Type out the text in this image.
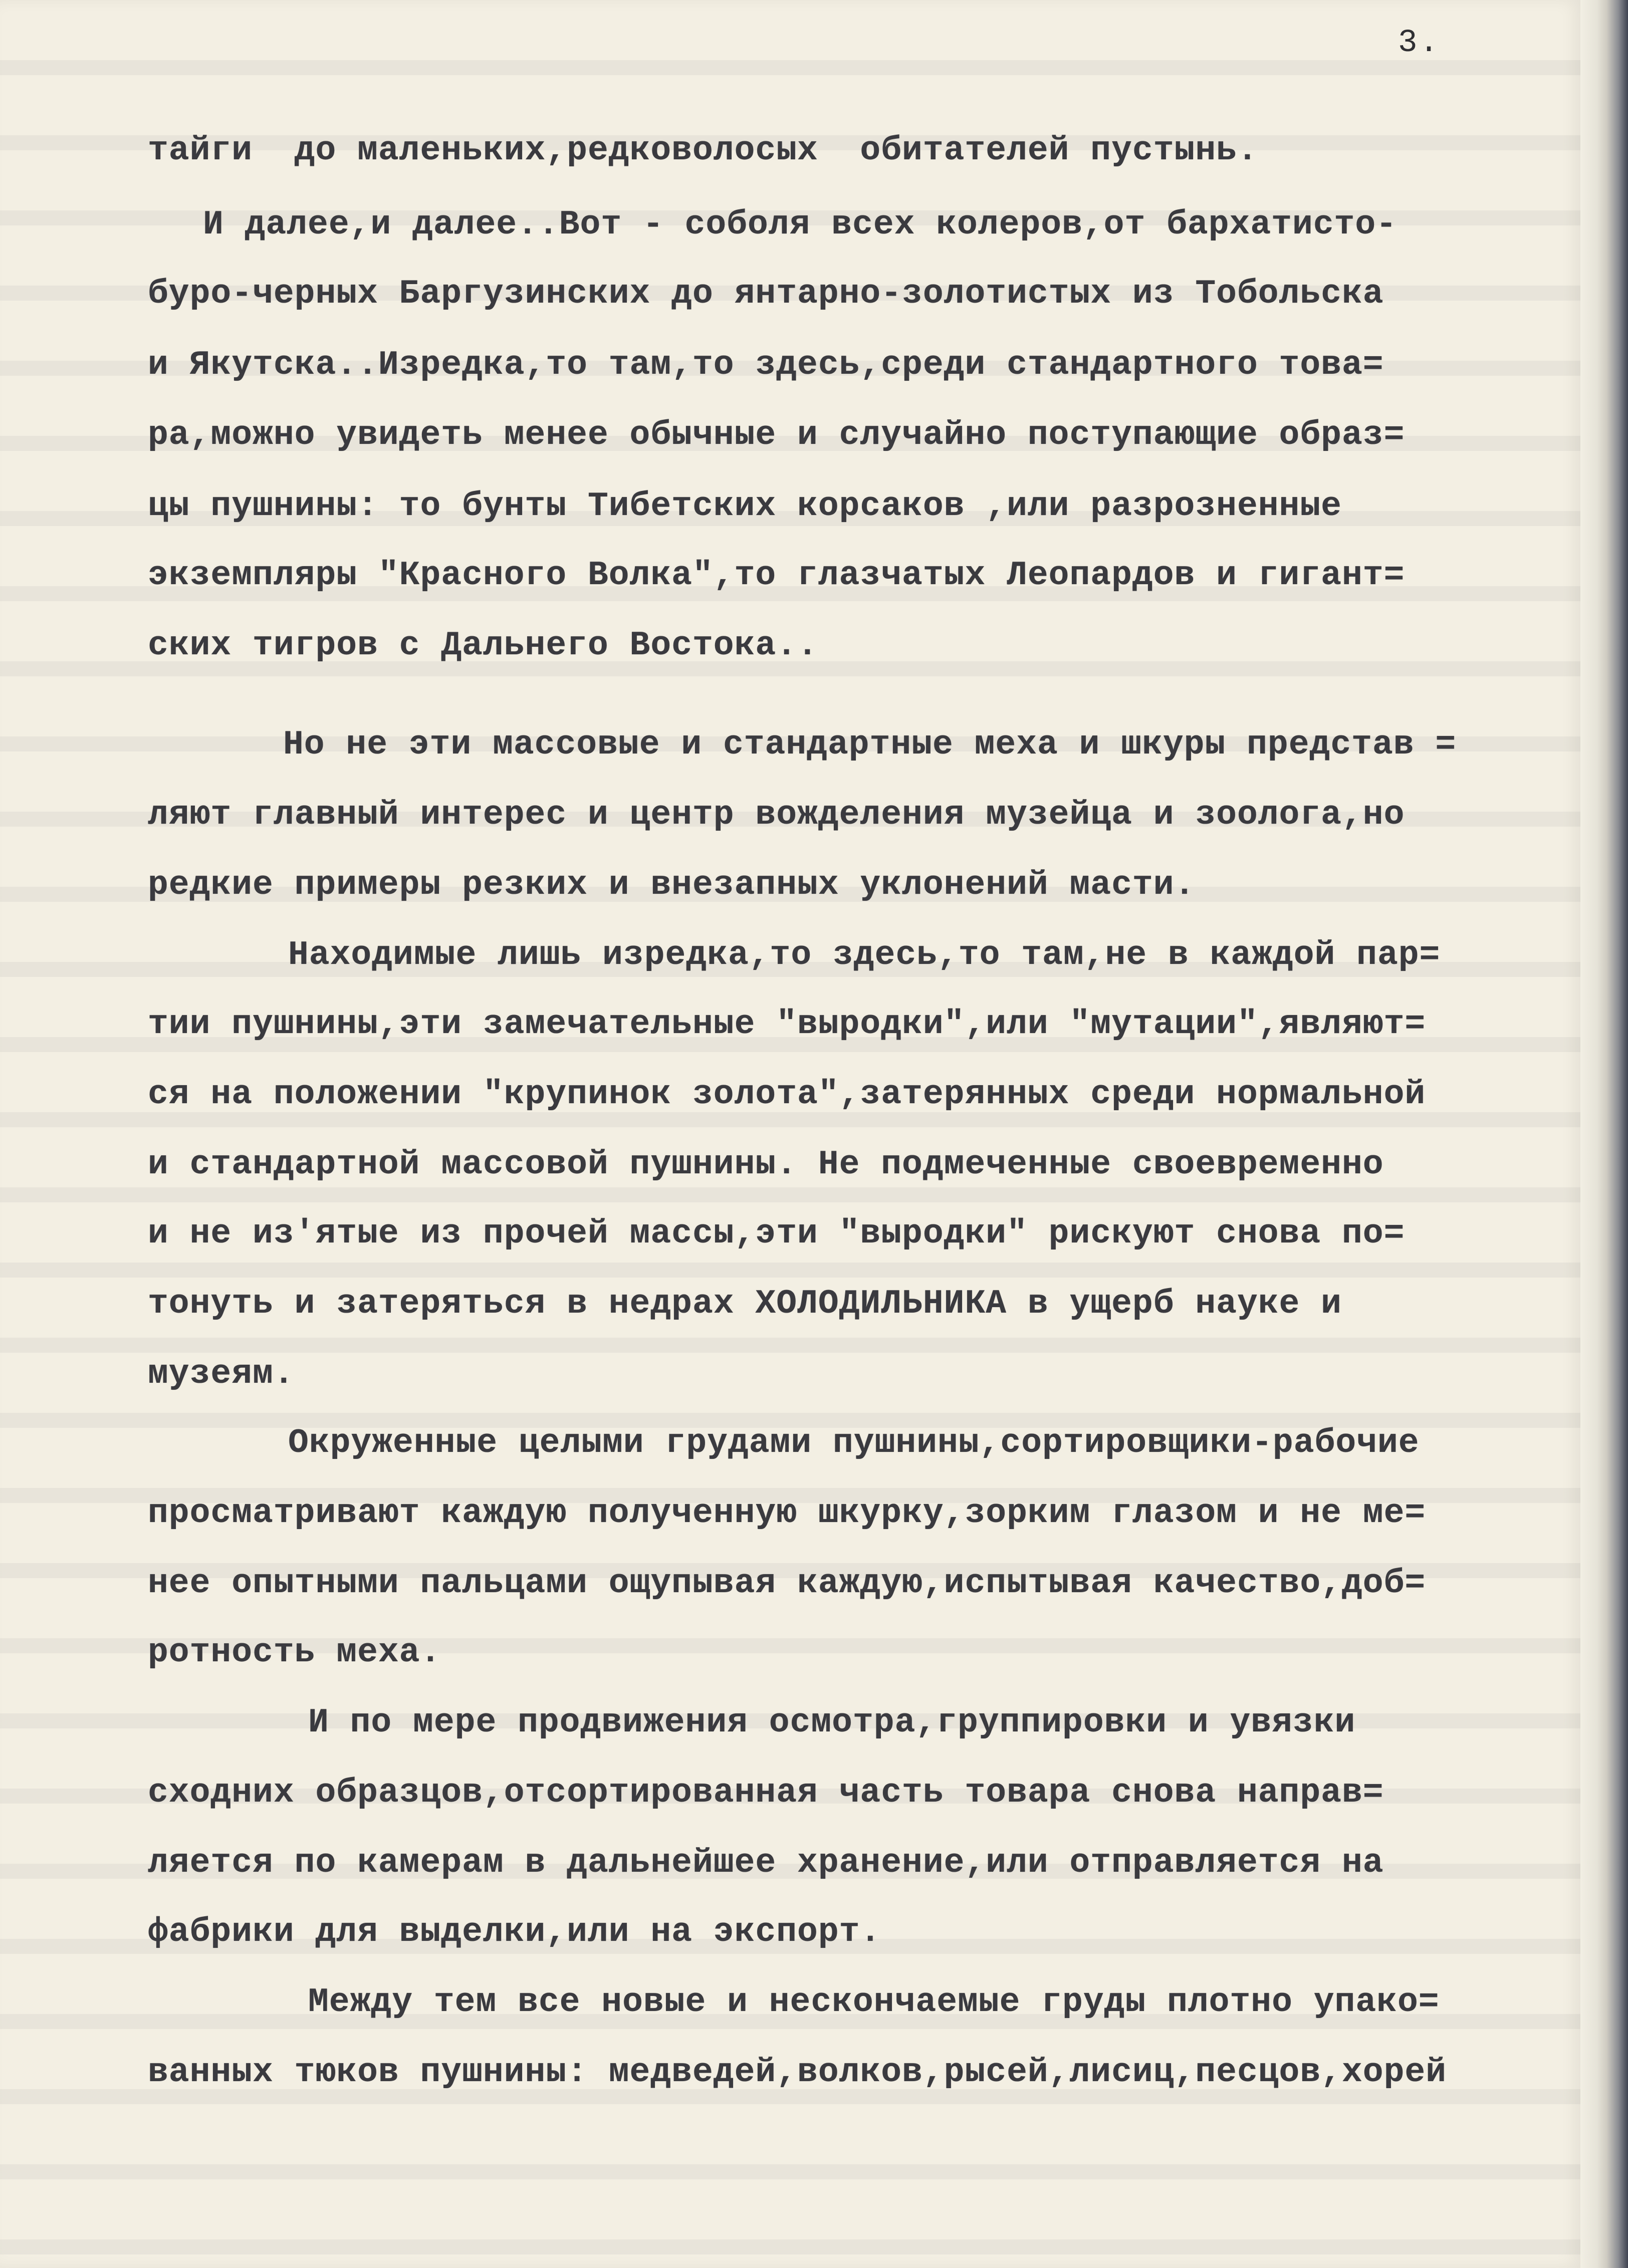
3.
тайги  до маленьких,редковолосых  обитателей пустынь.
И далее,и далее..Вот - соболя всех колеров,от бархатисто-
буро-черных Баргузинских до янтарно-золотистых из Тобольска
и Якутска..Изредка,то там,то здесь,среди стандартного това=
ра,можно увидеть менее обычные и случайно поступающие образ=
цы пушнины: то бунты Тибетских корсаков ,или разрозненные
экземпляры "Красного Волка",то глазчатых Леопардов и гигант=
ских тигров с Дальнего Востока..
Но не эти массовые и стандартные меха и шкуры представ =
ляют главный интерес и центр вожделения музейца и зоолога,но
редкие примеры резких и внезапных уклонений масти.
Находимые лишь изредка,то здесь,то там,не в каждой пар=
тии пушнины,эти замечательные "выродки",или "мутации",являют=
ся на положении "крупинок золота",затерянных среди нормальной
и стандартной массовой пушнины. Не подмеченные своевременно
и не из'ятые из прочей массы,эти "выродки" рискуют снова по=
тонуть и затеряться в недрах ХОЛОДИЛЬНИКА в ущерб науке и
музеям.
Окруженные целыми грудами пушнины,сортировщики-рабочие
просматривают каждую полученную шкурку,зорким глазом и не ме=
нее опытными пальцами ощупывая каждую,испытывая качество,доб=
ротность меха.
И по мере продвижения осмотра,группировки и увязки
сходних образцов,отсортированная часть товара снова направ=
ляется по камерам в дальнейшее хранение,или отправляется на
фабрики для выделки,или на экспорт.
Между тем все новые и нескончаемые груды плотно упако=
ванных тюков пушнины: медведей,волков,рысей,лисиц,песцов,хорей
